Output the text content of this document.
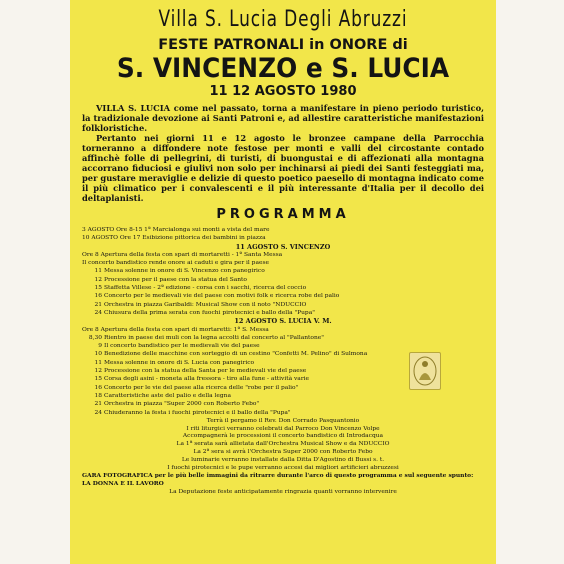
Villa S. Lucia Degli Abruzzi
FESTE PATRONALI in ONORE di
S. VINCENZO e S. LUCIA
11 12 AGOSTO 1980

VILLA S. LUCIA come nel passato, torna a manifestare in pieno periodo turistico, la tradizionale devozione ai Santi Patroni e, ad allestire caratteristiche manifestazioni folkloristiche.

Pertanto nei giorni 11 e 12 agosto le bronzee campane della Parrocchia torneranno a diffondere note festose per monti e valli del circostante contado affinchè folle di pellegrini, di turisti, di buongustai e di affezionati alla montagna accorrano fiduciosi e giulivi non solo per inchinarsi ai piedi dei Santi festeggiati ma, per gustare meraviglie e delizie di questo poetico paesello di montagna indicato come il più climatico per i convalescenti e il più interessante d'Italia per il decollo dei deltaplanisti.

PROGRAMMA
3 AGOSTO Ore 8-15 1ª Marcialonga sui monti a vista del mare
10 AGOSTO Ore 17 Esibizione pittorica dei bambini in piazza
11 AGOSTO S. VINCENZO
Ore 8 Apertura della festa con spari di mortaretti - 1ª Santa Messa
Il concerto bandistico rende onore ai caduti e gira per il paese
11 Messa solenne in onore di S. Vincenzo con panegirico
12 Processione per il paese con la statua del Santo
15 Staffetta Villese - 2ª edizione - corsa con i sacchi, ricerca del coccio
16 Concerto per le medievali vie del paese con motivi folk e ricerca robe del palio
21 Orchestra in piazza Garibaldi: Musical Show con il noto "NDUCCIO
24 Chiusura della prima serata con fuochi pirotecnici e ballo della "Pupa"
12 AGOSTO S. LUCIA V. M.
Ore 8 Apertura della festa con spari di mortaretti: 1ª S. Messa
8,30 Rientro in paese dei muli con la legna accolti dal concerto al "Pallantone"
9 Il concerto bandistico per le medievali vie del paese
10 Benedizione delle macchine con sorteggio di un cestino "Confetti M. Pelino" di Sulmona
11 Messa solenne in onore di S. Lucia con panegirico
12 Processione con la statua della Santa per le medievali vie del paese
15 Corsa degli asini - moneta alla fressora - tiro alla fune - attività varie
16 Concerto per le vie del paese alla ricerca delle "robe per il palio"
18 Caratteristiche aste del palio e della legna
21 Orchestra in piazza "Super 2000 con Roberto Febo"
24 Chiuderanno la festa i fuochi pirotecnici e il ballo della "Pupa"
Terrà il pergamo il Rev. Don Corrado Pasquantonio
I riti liturgici verranno celebrati dal Parroco Don Vincenzo Volpe
Accompagnerà le processioni il concerto bandistico di Introdacqua
La 1ª serata sarà allietata dall'Orchestra Musical Show e da NDUCCIO
La 2ª sera si avrà l'Orchestra Super 2000 con Roberto Febo
Le luminarie verranno installate dalla Ditta D'Agostino di Bussi s. t.
I fuochi pirotecnici e le pupe verranno accesi dai migliori artificieri abruzzesi
GARA FOTOGRAFICA per le più belle immagini da ritrarre durante l'arco di questo programma e sul seguente spunto: LA DONNA E IL LAVORO
La Deputazione feste anticipatamente ringrazia quanti vorranno intervenire
